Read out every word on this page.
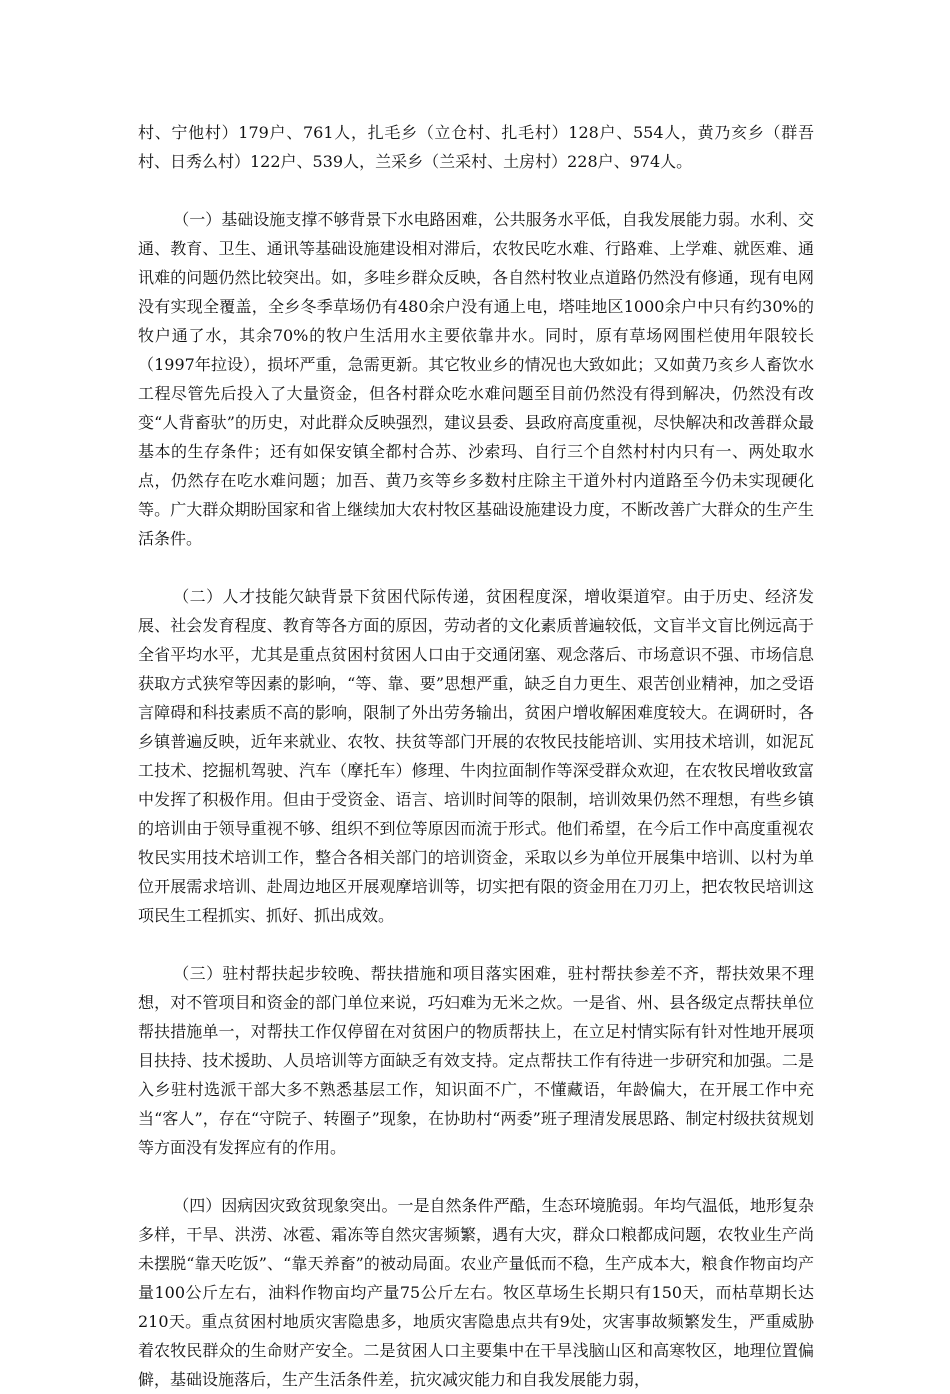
村、宁他村）179户、761人，扎毛乡（立仓村、扎毛村）128户、554人，黄乃亥乡（群吾村、日秀么村）122户、539人，兰采乡（兰采村、土房村）228户、974人。

（一）基础设施支撑不够背景下水电路困难，公共服务水平低，自我发展能力弱。水利、交通、教育、卫生、通讯等基础设施建设相对滞后，农牧民吃水难、行路难、上学难、就医难、通讯难的问题仍然比较突出。如，多哇乡群众反映，各自然村牧业点道路仍然没有修通，现有电网没有实现全覆盖，全乡冬季草场仍有480余户没有通上电，塔哇地区1000余户中只有约30%的牧户通了水，其余70%的牧户生活用水主要依靠井水。同时，原有草场网围栏使用年限较长（1997年拉设），损坏严重，急需更新。其它牧业乡的情况也大致如此；又如黄乃亥乡人畜饮水工程尽管先后投入了大量资金，但各村群众吃水难问题至目前仍然没有得到解决，仍然没有改变“人背畜驮”的历史，对此群众反映强烈，建议县委、县政府高度重视，尽快解决和改善群众最基本的生存条件；还有如保安镇全都村合苏、沙索玛、自行三个自然村村内只有一、两处取水点，仍然存在吃水难问题；加吾、黄乃亥等乡多数村庄除主干道外村内道路至今仍未实现硬化等。广大群众期盼国家和省上继续加大农村牧区基础设施建设力度，不断改善广大群众的生产生活条件。

（二）人才技能欠缺背景下贫困代际传递，贫困程度深，增收渠道窄。由于历史、经济发展、社会发育程度、教育等各方面的原因，劳动者的文化素质普遍较低，文盲半文盲比例远高于全省平均水平，尤其是重点贫困村贫困人口由于交通闭塞、观念落后、市场意识不强、市场信息获取方式狭窄等因素的影响，“等、靠、要”思想严重，缺乏自力更生、艰苦创业精神，加之受语言障碍和科技素质不高的影响，限制了外出劳务输出，贫困户增收解困难度较大。在调研时，各乡镇普遍反映，近年来就业、农牧、扶贫等部门开展的农牧民技能培训、实用技术培训，如泥瓦工技术、挖掘机驾驶、汽车（摩托车）修理、牛肉拉面制作等深受群众欢迎，在农牧民增收致富中发挥了积极作用。但由于受资金、语言、培训时间等的限制，培训效果仍然不理想，有些乡镇的培训由于领导重视不够、组织不到位等原因而流于形式。他们希望，在今后工作中高度重视农牧民实用技术培训工作，整合各相关部门的培训资金，采取以乡为单位开展集中培训、以村为单位开展需求培训、赴周边地区开展观摩培训等，切实把有限的资金用在刀刃上，把农牧民培训这项民生工程抓实、抓好、抓出成效。

（三）驻村帮扶起步较晚、帮扶措施和项目落实困难，驻村帮扶参差不齐，帮扶效果不理想，对不管项目和资金的部门单位来说，巧妇难为无米之炊。一是省、州、县各级定点帮扶单位帮扶措施单一，对帮扶工作仅停留在对贫困户的物质帮扶上，在立足村情实际有针对性地开展项目扶持、技术援助、人员培训等方面缺乏有效支持。定点帮扶工作有待进一步研究和加强。二是入乡驻村选派干部大多不熟悉基层工作，知识面不广，不懂藏语，年龄偏大，在开展工作中充当“客人”，存在“守院子、转圈子”现象，在协助村“两委”班子理清发展思路、制定村级扶贫规划等方面没有发挥应有的作用。

（四）因病因灾致贫现象突出。一是自然条件严酷，生态环境脆弱。年均气温低，地形复杂多样，干旱、洪涝、冰雹、霜冻等自然灾害频繁，遇有大灾，群众口粮都成问题，农牧业生产尚未摆脱“靠天吃饭”、“靠天养畜”的被动局面。农业产量低而不稳，生产成本大，粮食作物亩均产量100公斤左右，油料作物亩均产量75公斤左右。牧区草场生长期只有150天，而枯草期长达210天。重点贫困村地质灾害隐患多，地质灾害隐患点共有9处，灾害事故频繁发生，严重威胁着农牧民群众的生命财产安全。二是贫困人口主要集中在干旱浅脑山区和高寒牧区，地理位置偏僻，基础设施落后，生产生活条件差，抗灾减灾能力和自我发展能力弱，
